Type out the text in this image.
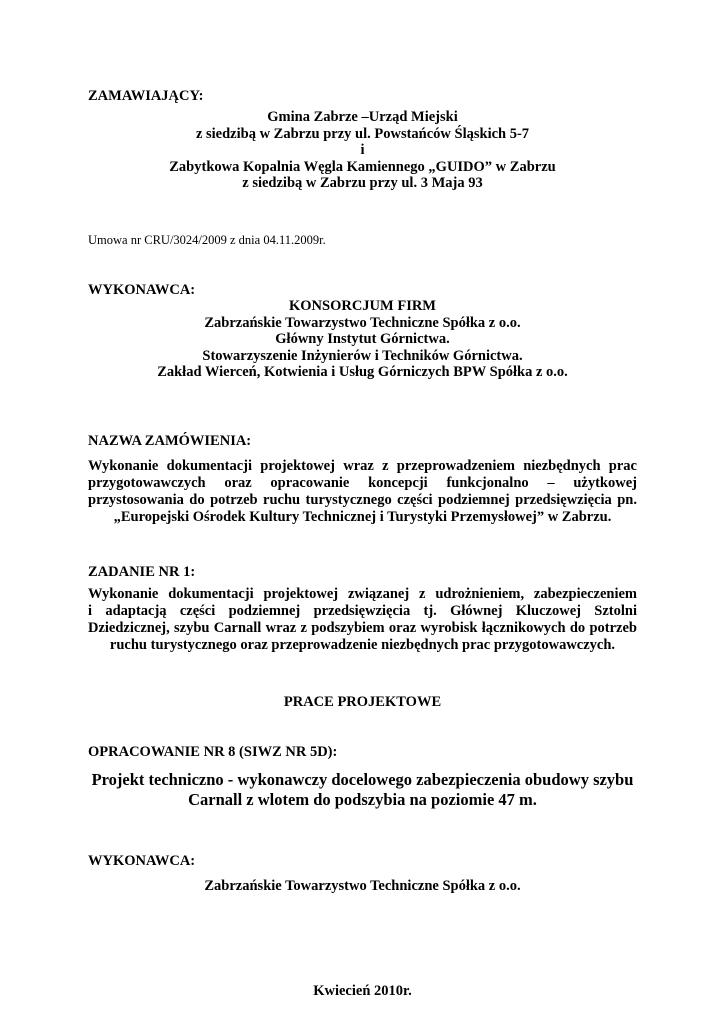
ZAMAWIAJĄCY:
Gmina Zabrze –Urząd Miejski
z siedzibą w Zabrzu przy ul. Powstańców Śląskich 5-7
i
Zabytkowa Kopalnia Węgla Kamiennego „GUIDO” w Zabrzu
z siedzibą w Zabrzu przy ul. 3 Maja 93
Umowa nr CRU/3024/2009 z dnia 04.11.2009r.
WYKONAWCA:
KONSORCJUM FIRM
Zabrzańskie Towarzystwo Techniczne Spółka z o.o.
Główny Instytut Górnictwa.
Stowarzyszenie Inżynierów i Techników Górnictwa.
Zakład Wierceń, Kotwienia i Usług Górniczych BPW Spółka z o.o.
NAZWA ZAMÓWIENIA:
Wykonanie dokumentacji projektowej wraz z przeprowadzeniem niezbędnych prac
przygotowawczych oraz opracowanie koncepcji funkcjonalno – użytkowej
przystosowania do potrzeb ruchu turystycznego części podziemnej przedsięwzięcia pn.
„Europejski Ośrodek Kultury Technicznej i Turystyki Przemysłowej” w Zabrzu.
ZADANIE NR 1:
Wykonanie dokumentacji projektowej związanej z udrożnieniem, zabezpieczeniem
i adaptacją części podziemnej przedsięwzięcia tj. Głównej Kluczowej Sztolni
Dziedzicznej, szybu Carnall wraz z podszybiem oraz wyrobisk łącznikowych do potrzeb
ruchu turystycznego oraz przeprowadzenie niezbędnych prac przygotowawczych.
PRACE PROJEKTOWE
OPRACOWANIE NR 8 (SIWZ NR 5D):
Projekt techniczno - wykonawczy docelowego zabezpieczenia obudowy szybu
Carnall z wlotem do podszybia na poziomie 47 m.
WYKONAWCA:
Zabrzańskie Towarzystwo Techniczne Spółka z o.o.
Kwiecień 2010r.
